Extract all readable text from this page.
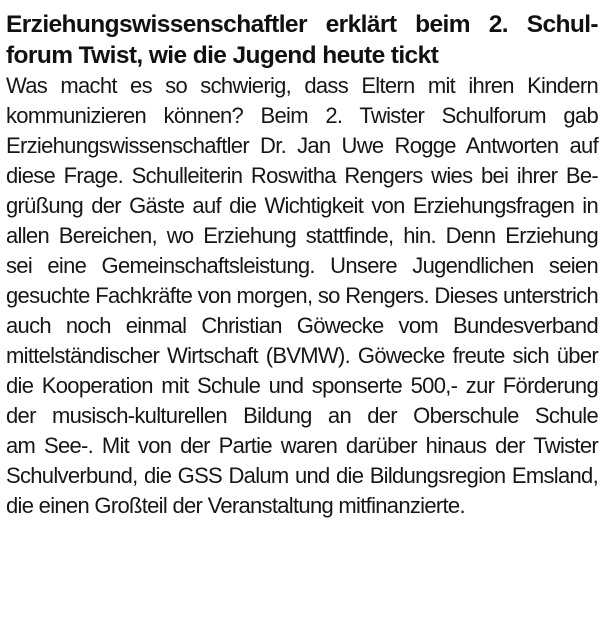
Erziehungswissenschaftler erklärt beim 2. Schul-
forum Twist, wie die Jugend heute tickt
Was macht es so schwierig, dass Eltern mit ihren Kindern
kommunizieren können? Beim 2. Twister Schulforum gab
Erziehungswissenschaftler Dr. Jan Uwe Rogge Antworten auf
diese Frage. Schulleiterin Roswitha Rengers wies bei ihrer Be-
grüßung der Gäste auf die Wichtigkeit von Erziehungsfragen in
allen Bereichen, wo Erziehung stattfinde, hin. Denn Erziehung
sei eine Gemeinschaftsleistung. Unsere Jugendlichen seien
gesuchte Fachkräfte von morgen, so Rengers. Dieses unterstrich
auch noch einmal Christian Göwecke vom Bundesverband
mittelständischer Wirtschaft (BVMW). Göwecke freute sich über
die Kooperation mit Schule und sponserte 500,- zur Förderung
der musisch-kulturellen Bildung an der Oberschule Schule
am See-. Mit von der Partie waren darüber hinaus der Twister
Schulverbund, die GSS Dalum und die Bildungsregion Emsland,
die einen Großteil der Veranstaltung mitfinanzierte.
